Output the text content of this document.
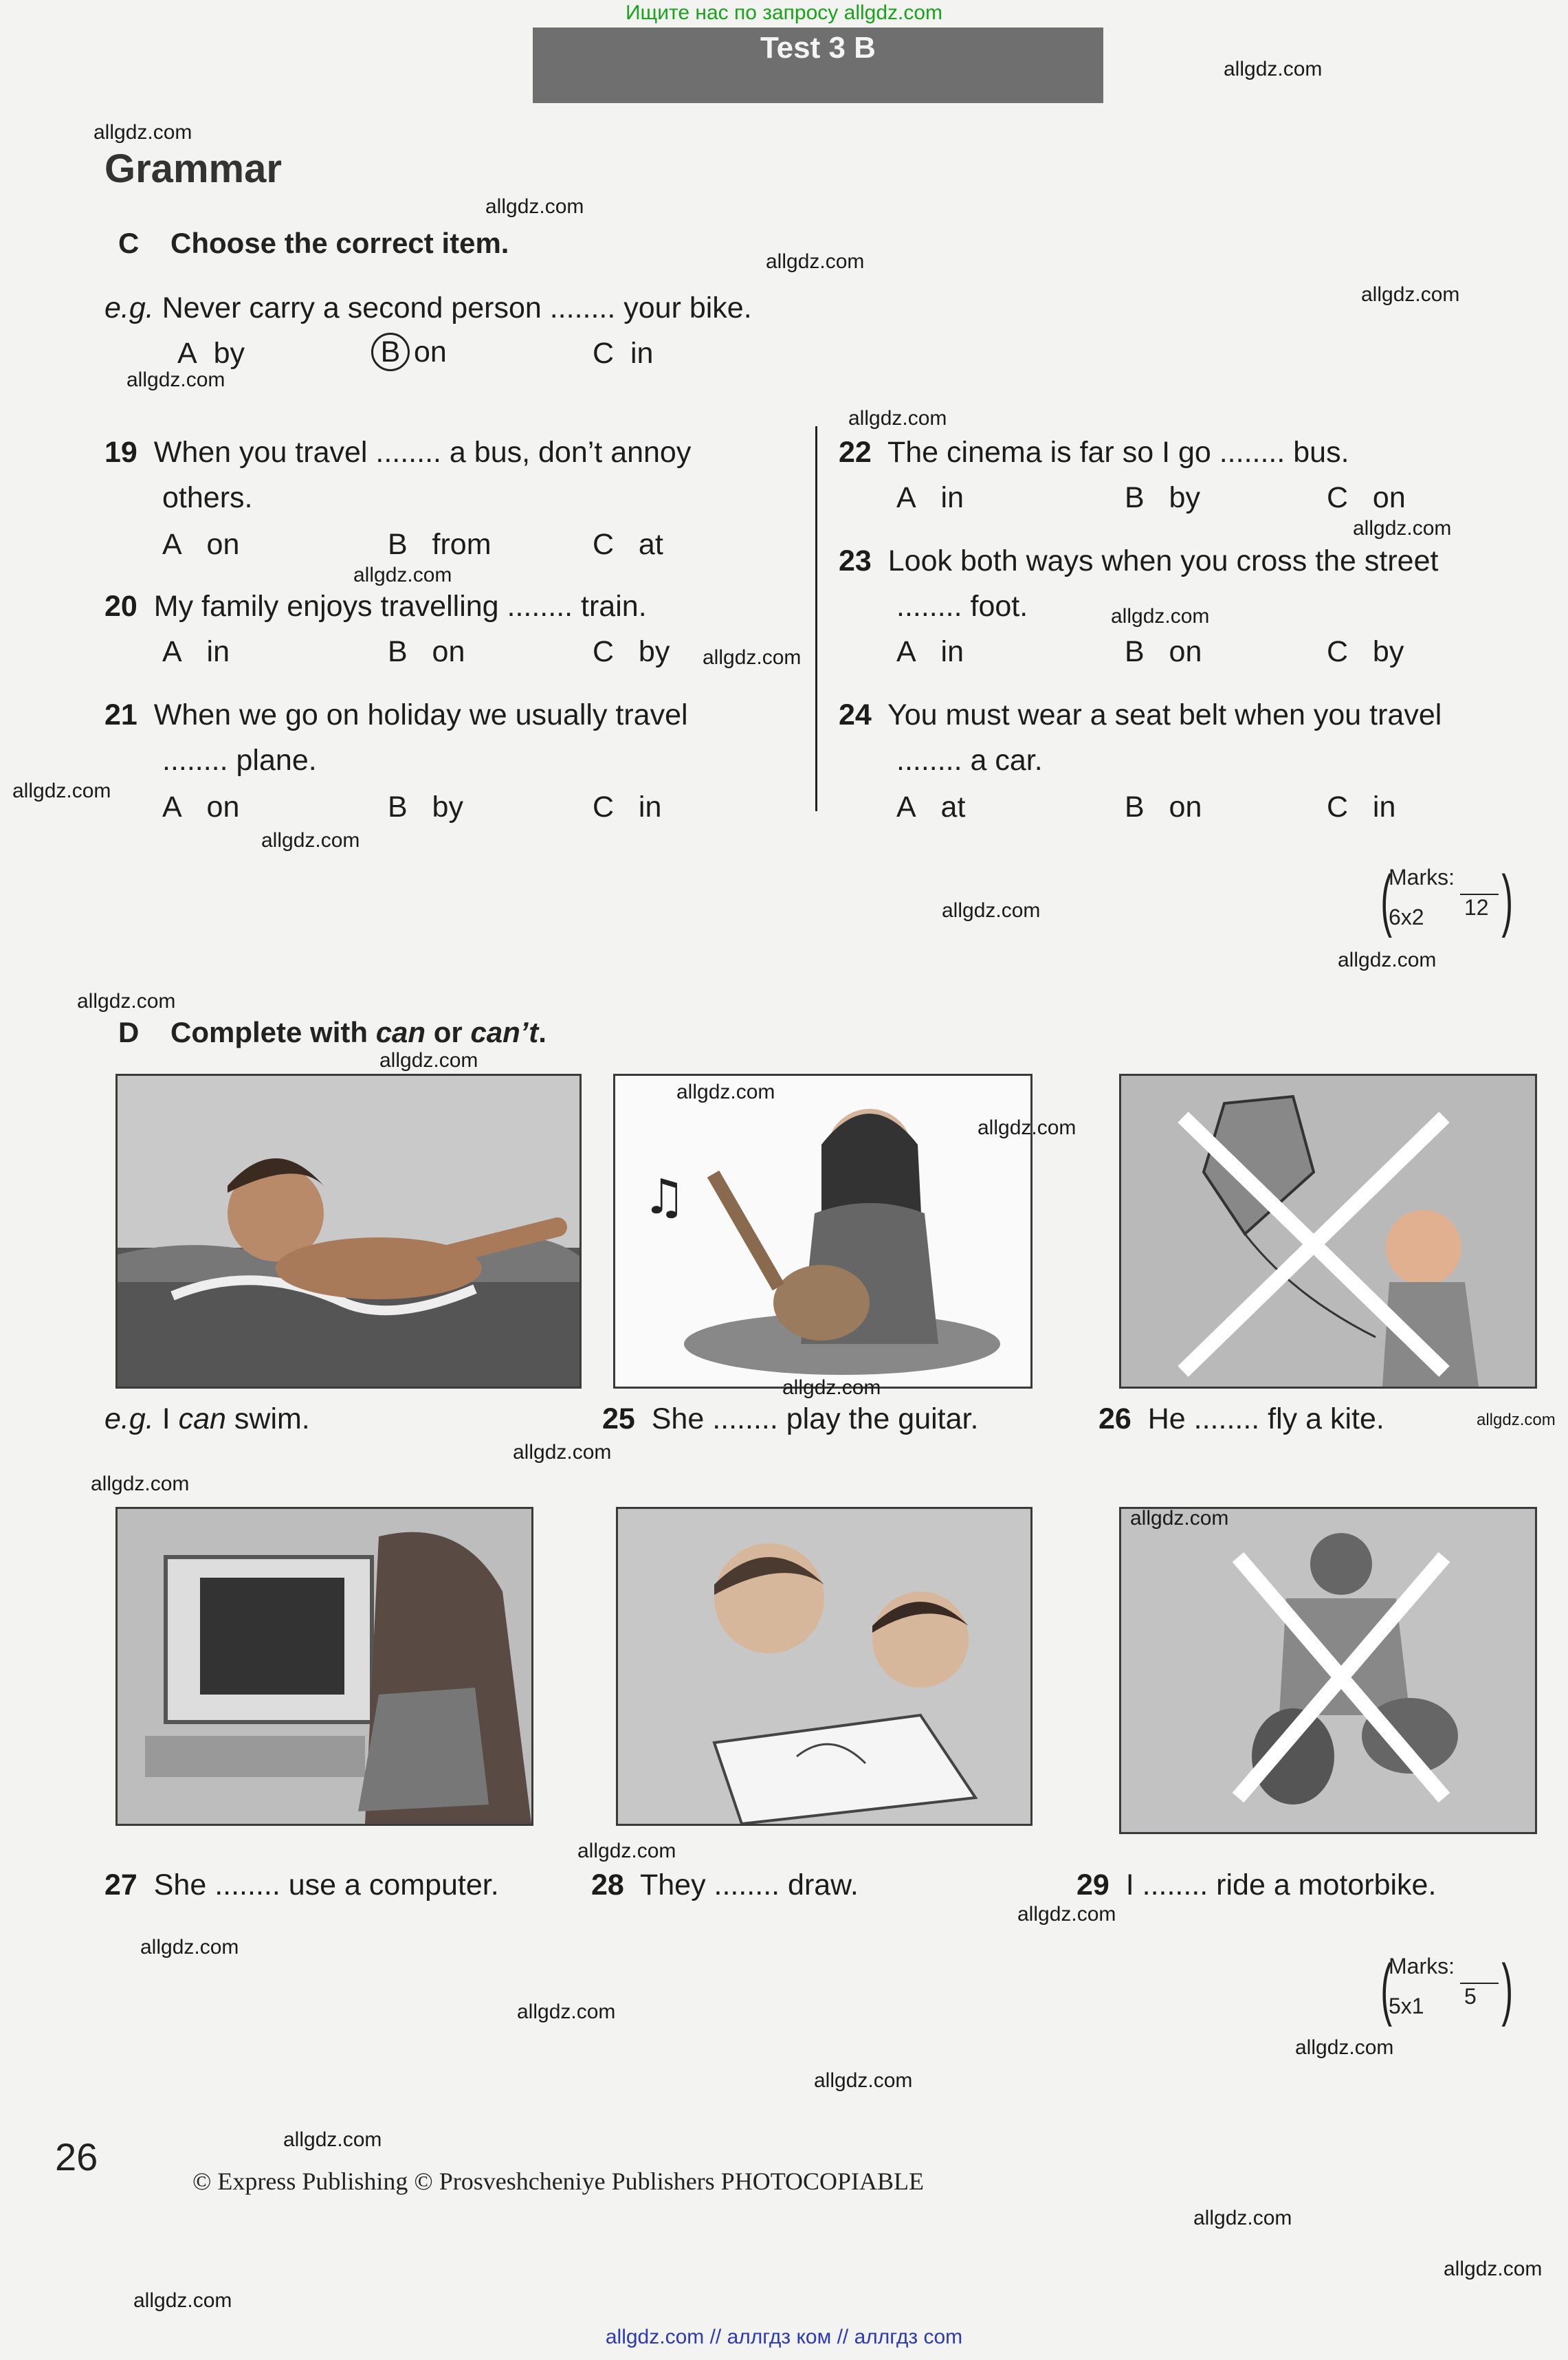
Ищите нас по запросу allgdz.com
Test 3 B
Grammar
C Choose the correct item.
e.g. Never carry a second person ........ your bike.
A by	B on	C in
19 When you travel ........ a bus, don’t annoy
others.
A on	B from	C at
20 My family enjoys travelling ........ train.
A in	B on	C by
21 When we go on holiday we usually travel
........ plane.
A on	B by	C in
22 The cinema is far so I go ........ bus.
A in	B by	C on
23 Look both ways when you cross the street
........ foot.
A in	B on	C by
24 You must wear a seat belt when you travel
........ a car.
A at	B on	C in
(
Marks:
12
6x2 )
D Complete with can or can’t.
♫
e.g. I can swim.	25 She ........ play the guitar.	26 He ........ fly a kite.
27 She ........ use a computer.	28 They ........ draw.	29 I ........ ride a motorbike.
(
Marks:
5
5x1 )
26
© Express Publishing © Prosveshcheniye Publishers PHOTOCOPIABLE
allgdz.com
allgdz.com
allgdz.com
allgdz.com
allgdz.com
allgdz.com
allgdz.com
allgdz.com
allgdz.com
allgdz.com
allgdz.com
allgdz.com
allgdz.com
allgdz.com
allgdz.com
allgdz.com
allgdz.com
allgdz.com
allgdz.com
allgdz.com
allgdz.com
allgdz.com
allgdz.com
allgdz.com
allgdz.com
allgdz.com
allgdz.com
allgdz.com
allgdz.com
allgdz.com
allgdz.com
allgdz.com
allgdz.com
allgdz.com
allgdz.com // аллгдз ком // аллгдз com
